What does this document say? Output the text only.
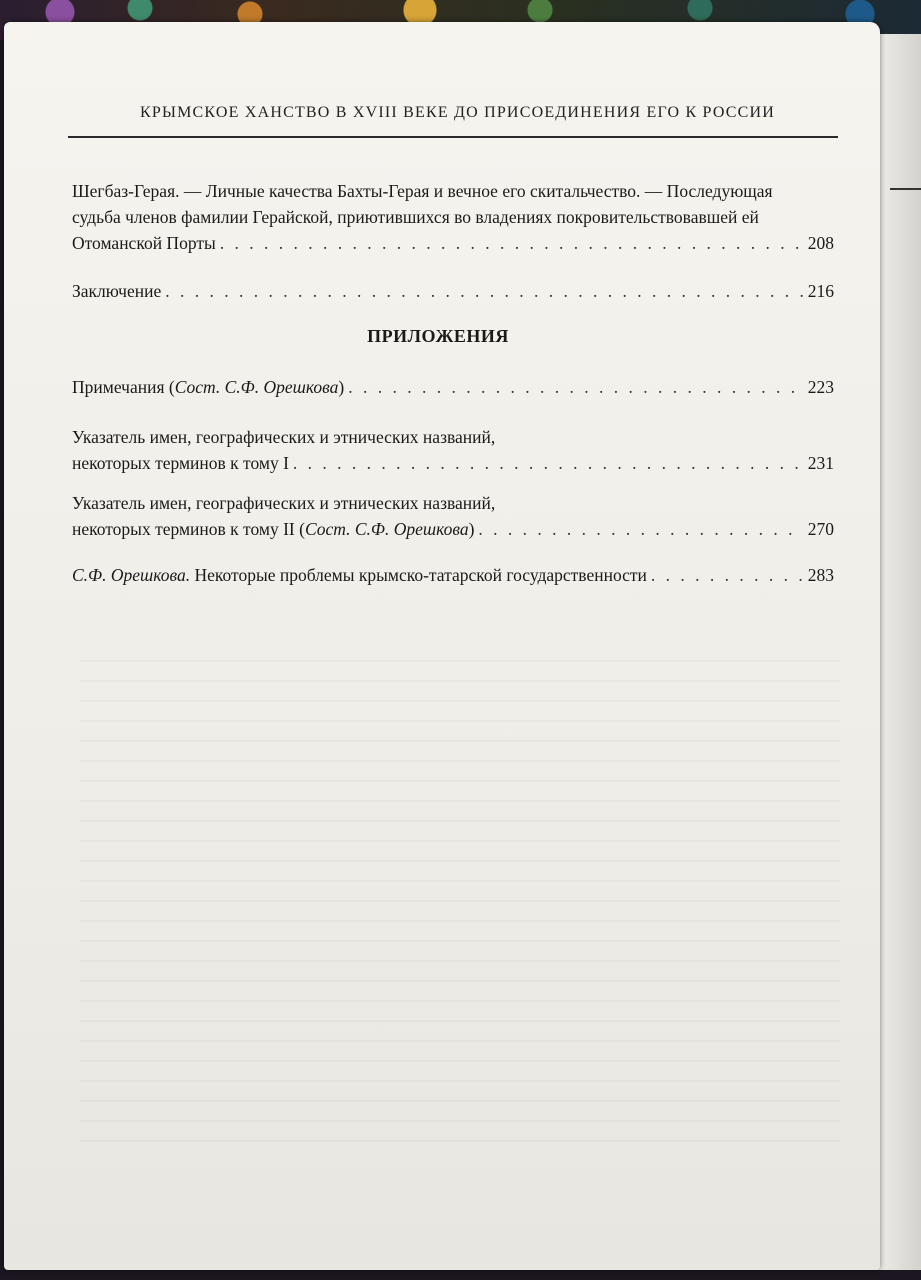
КРЫМСКОЕ ХАНСТВО В XVIII ВЕКЕ ДО ПРИСОЕДИНЕНИЯ ЕГО К РОССИИ
Шегбаз-Герая. — Личные качества Бахты-Герая и вечное его скитальчество. — Последующая
судьба членов фамилии Герайской, приютившихся во владениях покровительствовавшей ей
Отоманской Порты . . .	208
Заключение . . .	216
ПРИЛОЖЕНИЯ
Примечания (Сост. С.Ф. Орешкова) . . .	223
Указатель имен, географических и этнических названий,
некоторых терминов к тому I . . .	231
Указатель имен, географических и этнических названий,
некоторых терминов к тому II (Сост. С.Ф. Орешкова) . . .	270
С.Ф. Орешкова. Некоторые проблемы крымско-татарской государственности . . .	283
